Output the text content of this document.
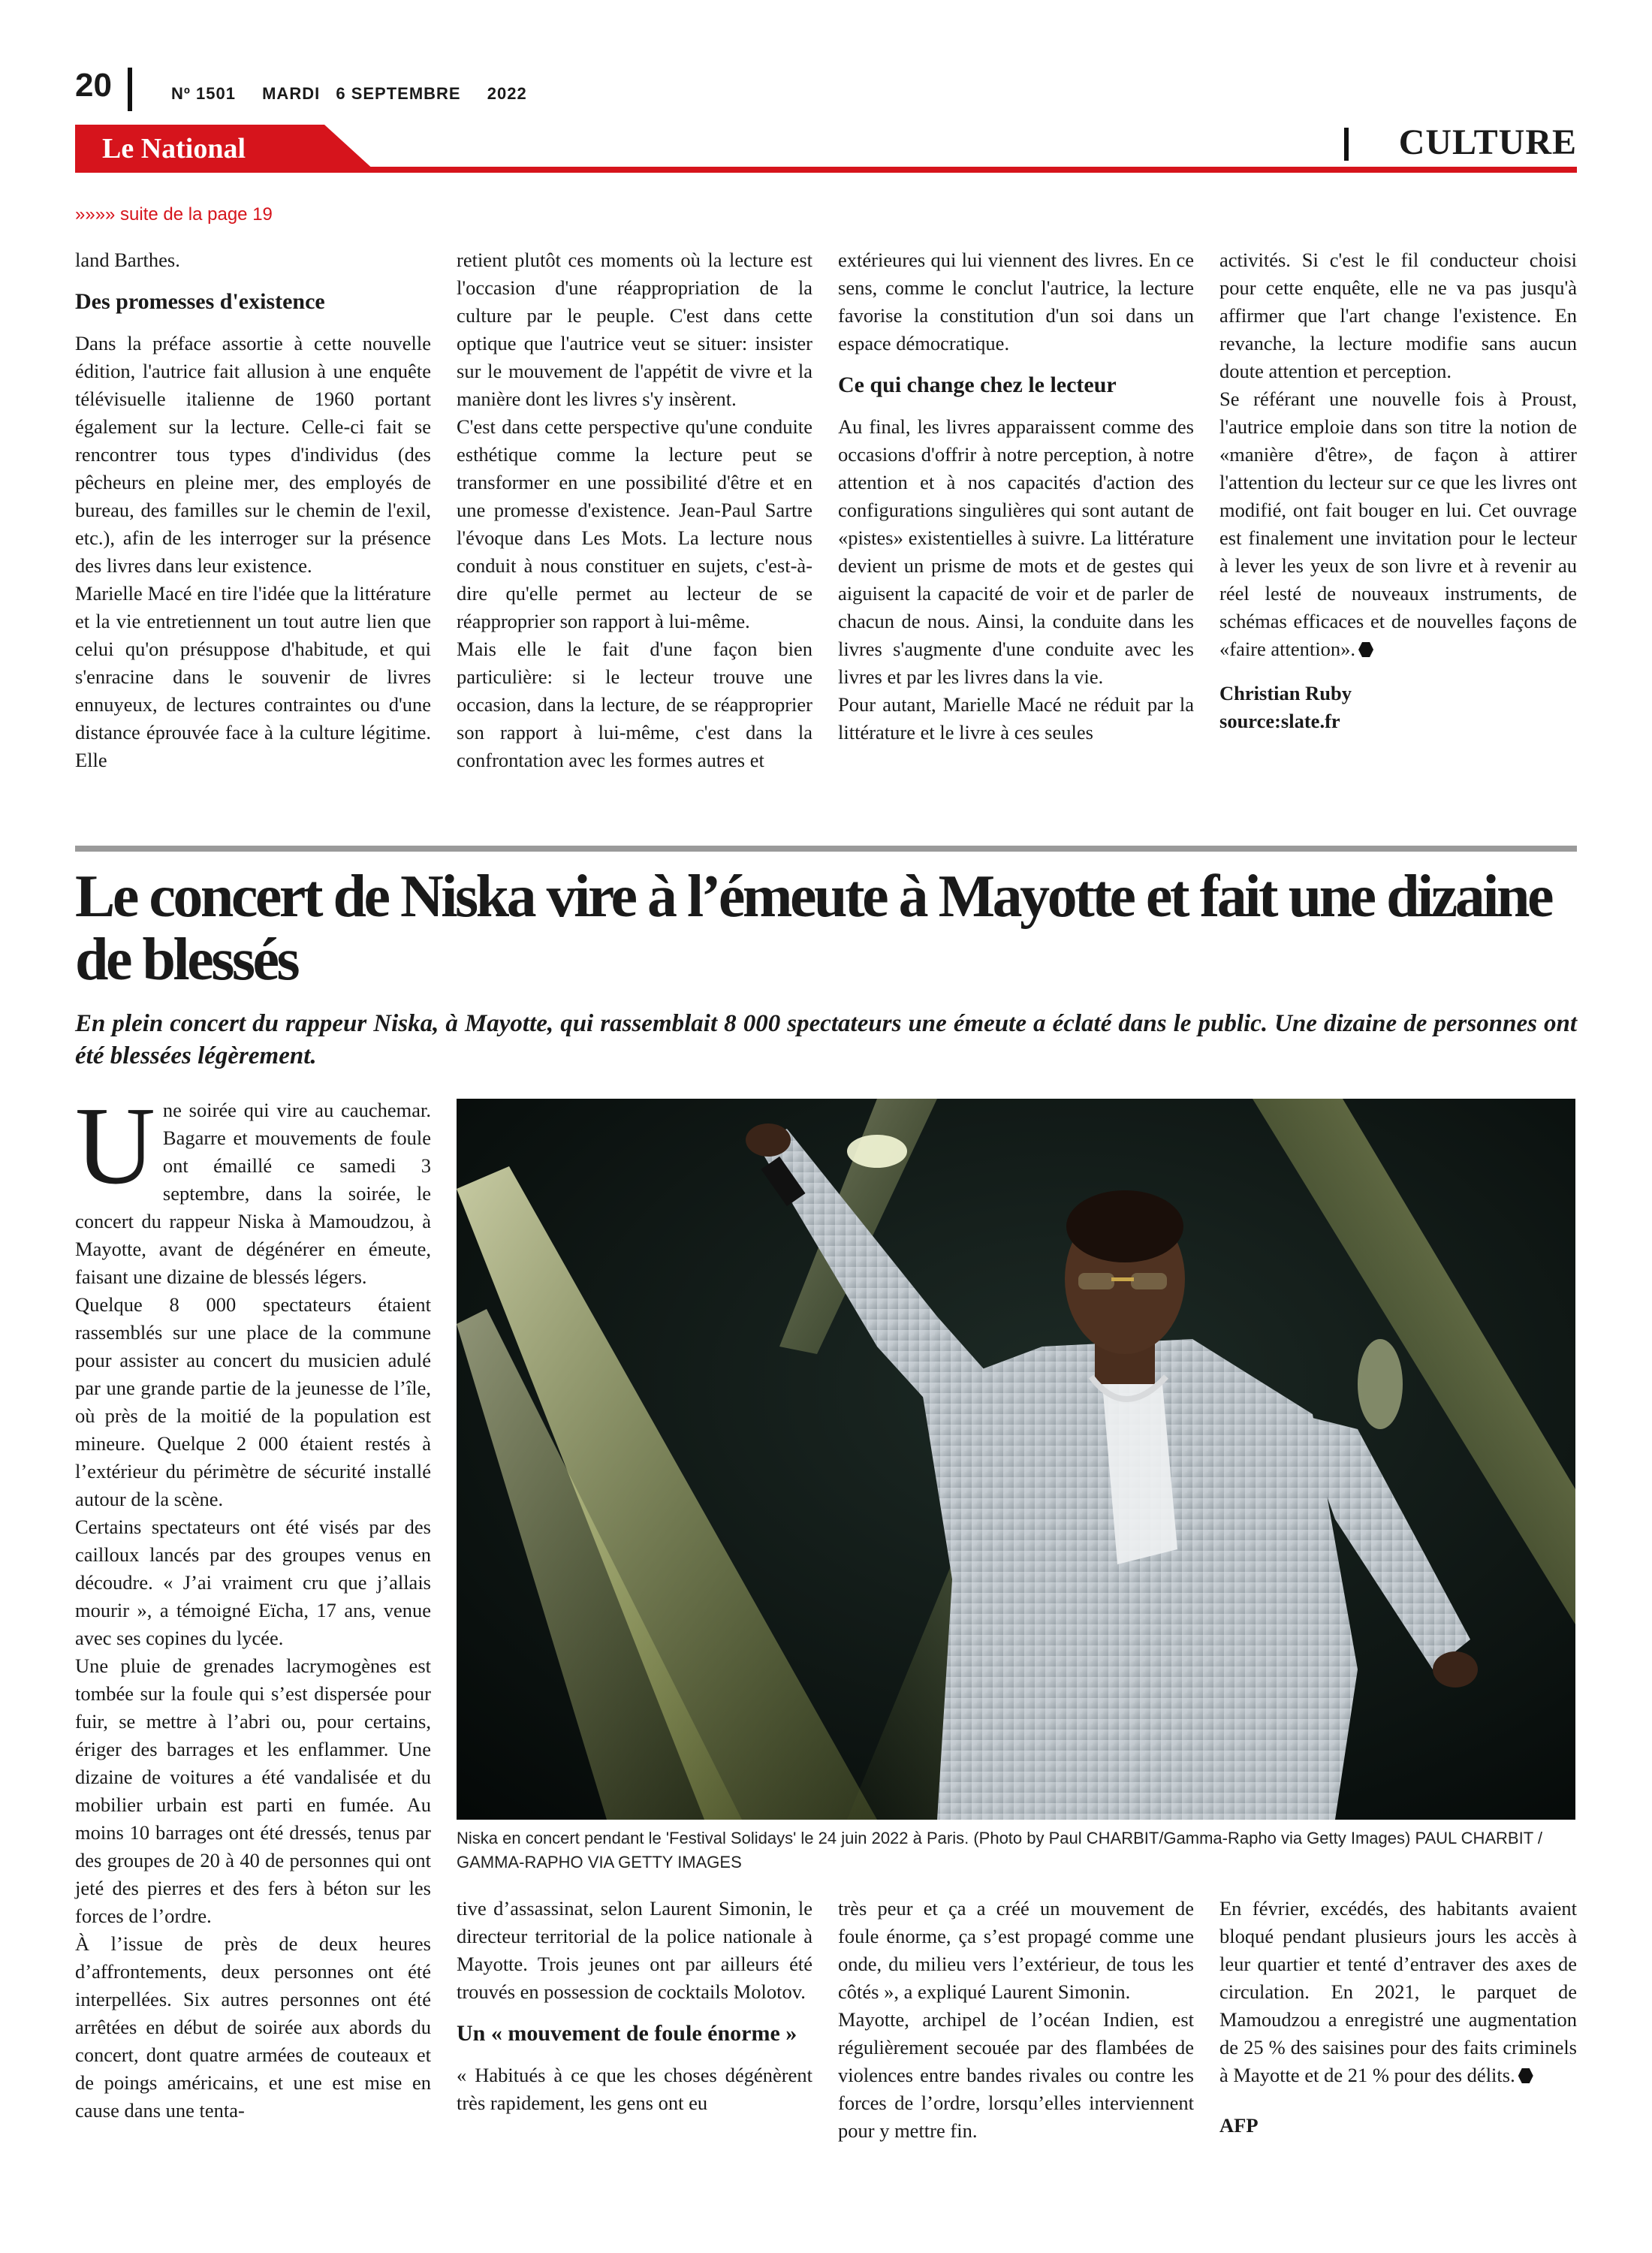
20	Nº 1501 MARDI 6 SEPTEMBRE 2022
Le National	CULTURE
»»»» suite de la page 19

land Barthes.

Des promesses d'existence

Dans la préface assortie à cette nouvelle édition, l'autrice fait allusion à une enquête télévisuelle italienne de 1960 portant également sur la lecture. Celle-ci fait se rencontrer tous types d'individus (des pêcheurs en pleine mer, des employés de bureau, des familles sur le chemin de l'exil, etc.), afin de les interroger sur la présence des livres dans leur existence.

Marielle Macé en tire l'idée que la littérature et la vie entretiennent un tout autre lien que celui qu'on présuppose d'habitude, et qui s'enracine dans le souvenir de livres ennuyeux, de lectures contraintes ou d'une distance éprouvée face à la culture légitime. Elle

retient plutôt ces moments où la lecture est l'occasion d'une réappropriation de la culture par le peuple. C'est dans cette optique que l'autrice veut se situer: insister sur le mouvement de l'appétit de vivre et la manière dont les livres s'y insèrent.

C'est dans cette perspective qu'une conduite esthétique comme la lecture peut se transformer en une possibilité d'être et en une promesse d'existence. Jean-Paul Sartre l'évoque dans Les Mots. La lecture nous conduit à nous constituer en sujets, c'est-à-dire qu'elle permet au lecteur de se réapproprier son rapport à lui-même.

Mais elle le fait d'une façon bien particulière: si le lecteur trouve une occasion, dans la lecture, de se réapproprier son rapport à lui-même, c'est dans la confrontation avec les formes autres et

extérieures qui lui viennent des livres. En ce sens, comme le conclut l'autrice, la lecture favorise la constitution d'un soi dans un espace démocratique.

Ce qui change chez le lecteur

Au final, les livres apparaissent comme des occasions d'offrir à notre perception, à notre attention et à nos capacités d'action des configurations singulières qui sont autant de «pistes» existentielles à suivre. La littérature devient un prisme de mots et de gestes qui aiguisent la capacité de voir et de parler de chacun de nous. Ainsi, la conduite dans les livres s'augmente d'une conduite avec les livres et par les livres dans la vie.

Pour autant, Marielle Macé ne réduit par la littérature et le livre à ces seules

activités. Si c'est le fil conducteur choisi pour cette enquête, elle ne va pas jusqu'à affirmer que l'art change l'existence. En revanche, la lecture modifie sans aucun doute attention et perception.

Se référant une nouvelle fois à Proust, l'autrice emploie dans son titre la notion de «manière d'être», de façon à attirer l'attention du lecteur sur ce que les livres ont modifié, ont fait bouger en lui. Cet ouvrage est finalement une invitation pour le lecteur à lever les yeux de son livre et à revenir au réel lesté de nouveaux instruments, de schémas efficaces et de nouvelles façons de «faire attention».

Christian Ruby
source:slate.fr
Le concert de Niska vire à l’émeute à Mayotte et fait une dizaine de blessés
En plein concert du rappeur Niska, à Mayotte, qui rassemblait 8 000 spectateurs une émeute a éclaté dans le public. Une dizaine de personnes ont été blessées légèrement.

Une soirée qui vire au cauchemar. Bagarre et mouvements de foule ont émaillé ce samedi 3 septembre, dans la soirée, le concert du rappeur Niska à Mamoudzou, à Mayotte, avant de dégénérer en émeute, faisant une dizaine de blessés légers.

Quelque 8 000 spectateurs étaient rassemblés sur une place de la commune pour assister au concert du musicien adulé par une grande partie de la jeunesse de l’île, où près de la moitié de la population est mineure. Quelque 2 000 étaient restés à l’extérieur du périmètre de sécurité installé autour de la scène.

Certains spectateurs ont été visés par des cailloux lancés par des groupes venus en découdre. « J’ai vraiment cru que j’allais mourir », a témoigné Eïcha, 17 ans, venue avec ses copines du lycée.

Une pluie de grenades lacrymogènes est tombée sur la foule qui s’est dispersée pour fuir, se mettre à l’abri ou, pour certains, ériger des barrages et les enflammer. Une dizaine de voitures a été vandalisée et du mobilier urbain est parti en fumée. Au moins 10 barrages ont été dressés, tenus par des groupes de 20 à 40 de personnes qui ont jeté des pierres et des fers à béton sur les forces de l’ordre.

À l’issue de près de deux heures d’affrontements, deux personnes ont été interpellées. Six autres personnes ont été arrêtées en début de soirée aux abords du concert, dont quatre armées de couteaux et de poings américains, et une est mise en cause dans une tenta-

Niska en concert pendant le 'Festival Solidays' le 24 juin 2022 à Paris. (Photo by Paul CHARBIT/Gamma-Rapho via Getty Images) PAUL CHARBIT / GAMMA-RAPHO VIA GETTY IMAGES

tive d’assassinat, selon Laurent Simonin, le directeur territorial de la police nationale à Mayotte. Trois jeunes ont par ailleurs été trouvés en possession de cocktails Molotov.

Un « mouvement de foule énorme »

« Habitués à ce que les choses dégénèrent très rapidement, les gens ont eu

très peur et ça a créé un mouvement de foule énorme, ça s’est propagé comme une onde, du milieu vers l’extérieur, de tous les côtés », a expliqué Laurent Simonin.

Mayotte, archipel de l’océan Indien, est régulièrement secouée par des flambées de violences entre bandes rivales ou contre les forces de l’ordre, lorsqu’elles interviennent pour y mettre fin.

En février, excédés, des habitants avaient bloqué pendant plusieurs jours les accès à leur quartier et tenté d’entraver des axes de circulation. En 2021, le parquet de Mamoudzou a enregistré une augmentation de 25 % des saisines pour des faits criminels à Mayotte et de 21 % pour des délits.

AFP
